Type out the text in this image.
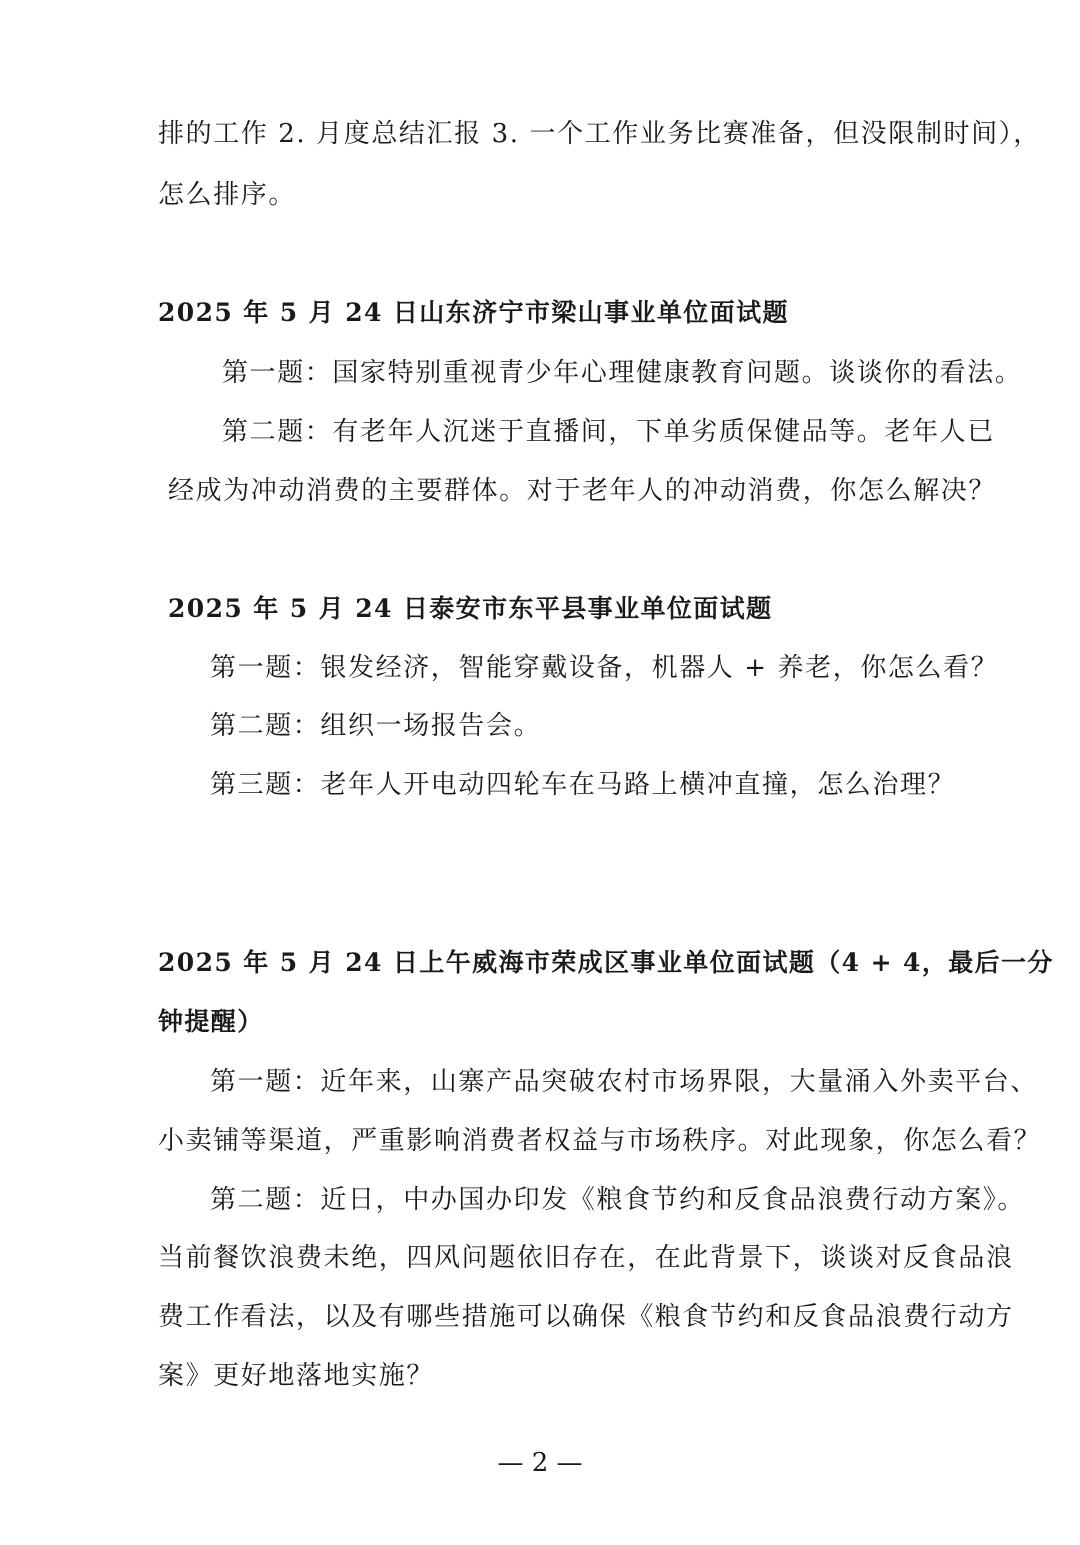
排的工作 2. 月度总结汇报 3. 一个工作业务比赛准备，但没限制时间），
怎么排序。
2025 年 5 月 24 日山东济宁市梁山事业单位面试题
第一题：国家特别重视青少年心理健康教育问题。谈谈你的看法。
第二题：有老年人沉迷于直播间，下单劣质保健品等。老年人已
经成为冲动消费的主要群体。对于老年人的冲动消费，你怎么解决？
2025 年 5 月 24 日泰安市东平县事业单位面试题
第一题：银发经济，智能穿戴设备，机器人 + 养老，你怎么看？
第二题：组织一场报告会。
第三题：老年人开电动四轮车在马路上横冲直撞，怎么治理？
2025 年 5 月 24 日上午威海市荣成区事业单位面试题（4 + 4，最后一分
钟提醒）
第一题：近年来，山寨产品突破农村市场界限，大量涌入外卖平台、
小卖铺等渠道，严重影响消费者权益与市场秩序。对此现象，你怎么看？
第二题：近日，中办国办印发《粮食节约和反食品浪费行动方案》。
当前餐饮浪费未绝，四风问题依旧存在，在此背景下，谈谈对反食品浪
费工作看法，以及有哪些措施可以确保《粮食节约和反食品浪费行动方
案》更好地落地实施？
— 2 —
